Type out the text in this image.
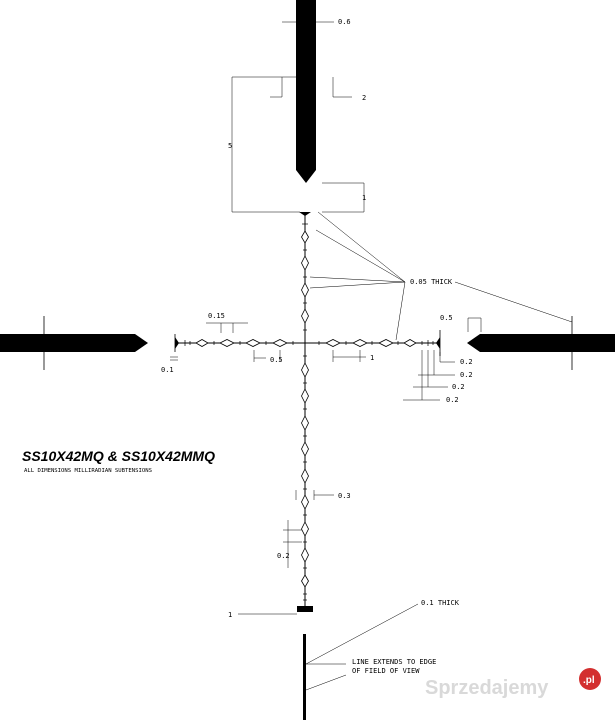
0.6
2
5
1
0.05 THICK
0.15
0.1
0.5	1
0.5
0.2
0.2
0.2
0.2
0.3
0.2
1
0.1 THICK
LINE EXTENDS TO EDGE
OF FIELD OF VIEW
SS10X42MQ & SS10X42MMQ
ALL DIMENSIONS MILLIRADIAN SUBTENSIONS
Sprzedajemy	.pl
